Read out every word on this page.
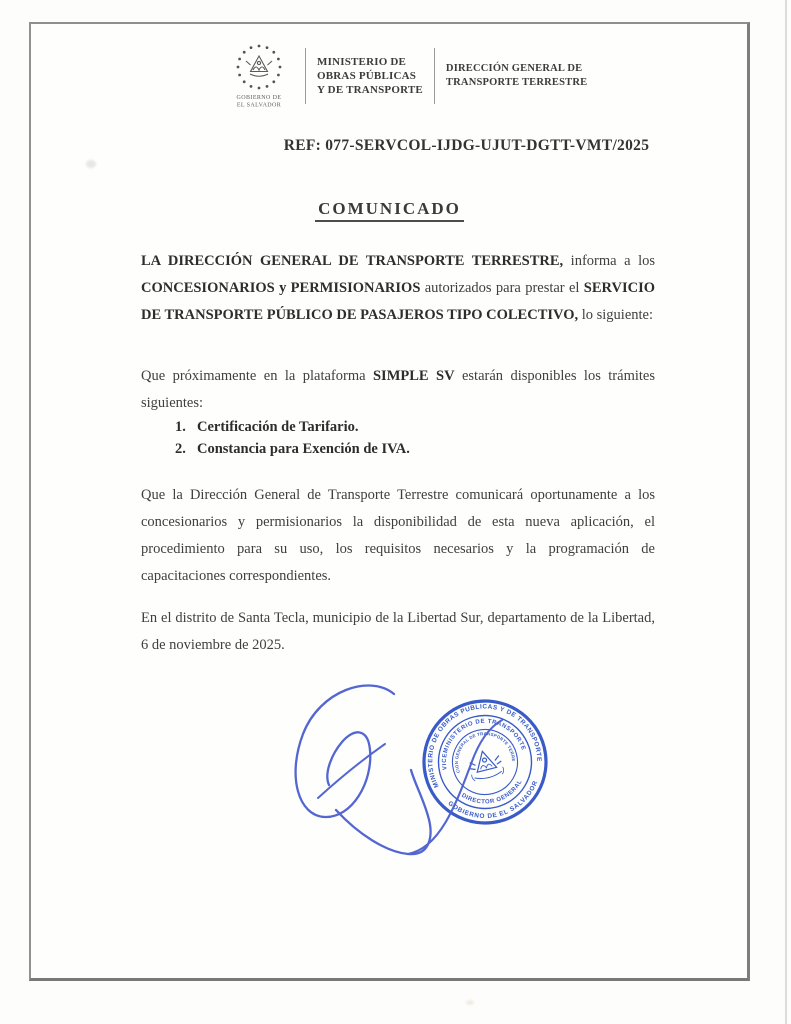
GOBIERNO DE
EL SALVADOR
MINISTERIO DE
OBRAS PÚBLICAS
Y DE TRANSPORTE
DIRECCIÓN GENERAL DE
TRANSPORTE TERRESTRE
REF: 077-SERVCOL-IJDG-UJUT-DGTT-VMT/2025
COMUNICADO

LA DIRECCIÓN GENERAL DE TRANSPORTE TERRESTRE, informa a los CONCESIONARIOS y PERMISIONARIOS autorizados para prestar el SERVICIO DE TRANSPORTE PÚBLICO DE PASAJEROS TIPO COLECTIVO, lo siguiente:

Que próximamente en la plataforma SIMPLE SV estarán disponibles los trámites siguientes:

1. Certificación de Tarifario.
2. Constancia para Exención de IVA.

Que la Dirección General de Transporte Terrestre comunicará oportunamente a los concesionarios y permisionarios la disponibilidad de esta nueva aplicación, el procedimiento para su uso, los requisitos necesarios y la programación de capacitaciones correspondientes.

En el distrito de Santa Tecla, municipio de la Libertad Sur, departamento de la Libertad, 6 de noviembre de 2025.

MINISTERIO DE OBRAS PUBLICAS Y DE TRANSPORTE
GOBIERNO DE EL SALVADOR
VICEMINISTERIO DE TRANSPORTE
DIRECTOR GENERAL
DIRECCION GENERAL DE TRANSPORTE TERRESTRE
